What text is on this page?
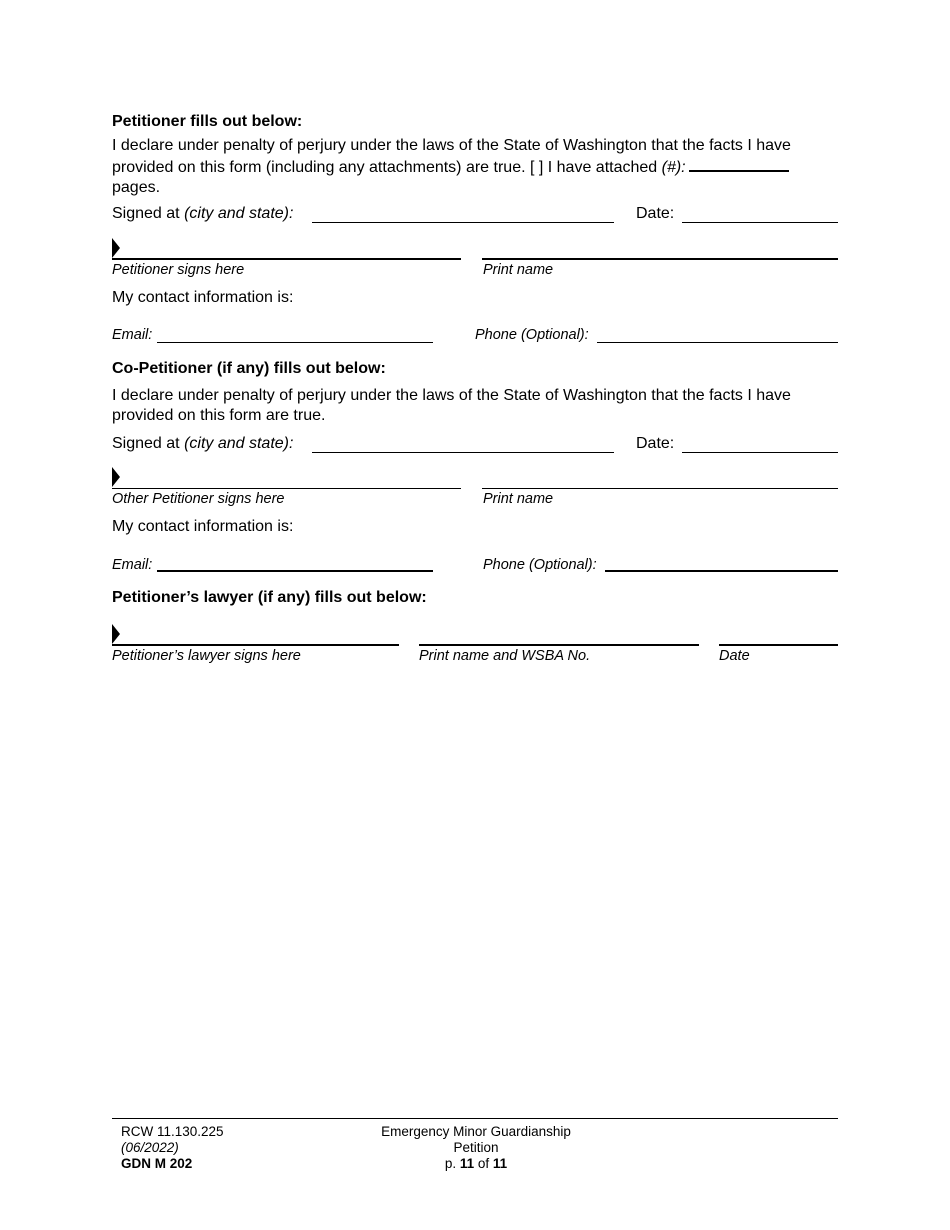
Petitioner fills out below:
I declare under penalty of perjury under the laws of the State of Washington that the facts I have provided on this form (including any attachments) are true. [ ] I have attached (#):
pages.
Signed at (city and state):	Date:
Petitioner signs here	Print name
My contact information is:
Email:	Phone (Optional):
Co-Petitioner (if any) fills out below:
I declare under penalty of perjury under the laws of the State of Washington that the facts I have provided on this form are true.
Signed at (city and state):	Date:
Other Petitioner signs here	Print name
My contact information is:
Email:	Phone (Optional):
Petitioner’s lawyer (if any) fills out below:
Petitioner’s lawyer signs here	Print name and WSBA No.	Date
RCW 11.130.225
(06/2022)
GDN M 202
Emergency Minor Guardianship
Petition
p. 11 of 11
